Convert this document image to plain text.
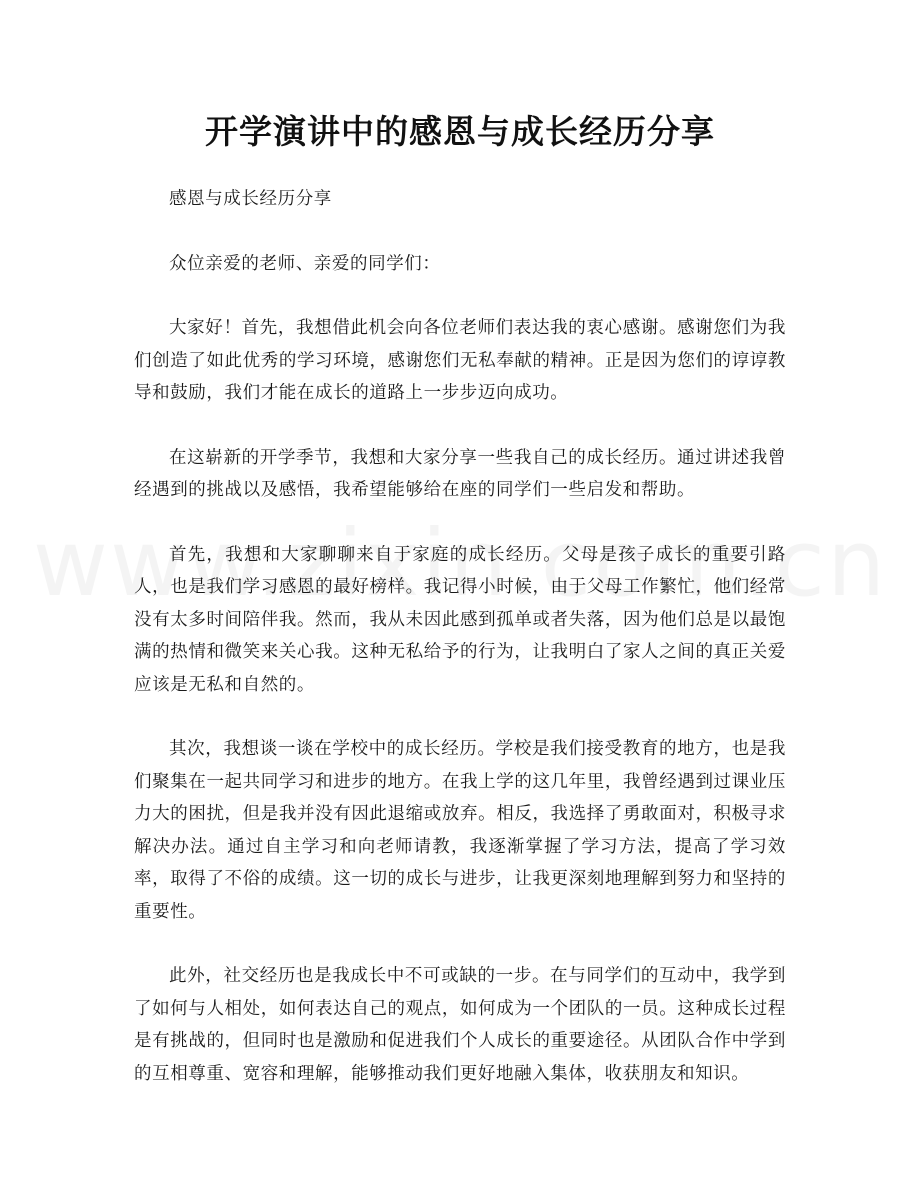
开学演讲中的感恩与成长经历分享

感恩与成长经历分享

众位亲爱的老师、亲爱的同学们：

大家好！首先，我想借此机会向各位老师们表达我的衷心感谢。感谢您们为我们创造了如此优秀的学习环境，感谢您们无私奉献的精神。正是因为您们的谆谆教导和鼓励，我们才能在成长的道路上一步步迈向成功。

在这崭新的开学季节，我想和大家分享一些我自己的成长经历。通过讲述我曾经遇到的挑战以及感悟，我希望能够给在座的同学们一些启发和帮助。

首先，我想和大家聊聊来自于家庭的成长经历。父母是孩子成长的重要引路人，也是我们学习感恩的最好榜样。我记得小时候，由于父母工作繁忙，他们经常没有太多时间陪伴我。然而，我从未因此感到孤单或者失落，因为他们总是以最饱满的热情和微笑来关心我。这种无私给予的行为，让我明白了家人之间的真正关爱应该是无私和自然的。

其次，我想谈一谈在学校中的成长经历。学校是我们接受教育的地方，也是我们聚集在一起共同学习和进步的地方。在我上学的这几年里，我曾经遇到过课业压力大的困扰，但是我并没有因此退缩或放弃。相反，我选择了勇敢面对，积极寻求解决办法。通过自主学习和向老师请教，我逐渐掌握了学习方法，提高了学习效率，取得了不俗的成绩。这一切的成长与进步，让我更深刻地理解到努力和坚持的重要性。

此外，社交经历也是我成长中不可或缺的一步。在与同学们的互动中，我学到了如何与人相处，如何表达自己的观点，如何成为一个团队的一员。这种成长过程是有挑战的，但同时也是激励和促进我们个人成长的重要途径。从团队合作中学到的互相尊重、宽容和理解，能够推动我们更好地融入集体，收获朋友和知识。
